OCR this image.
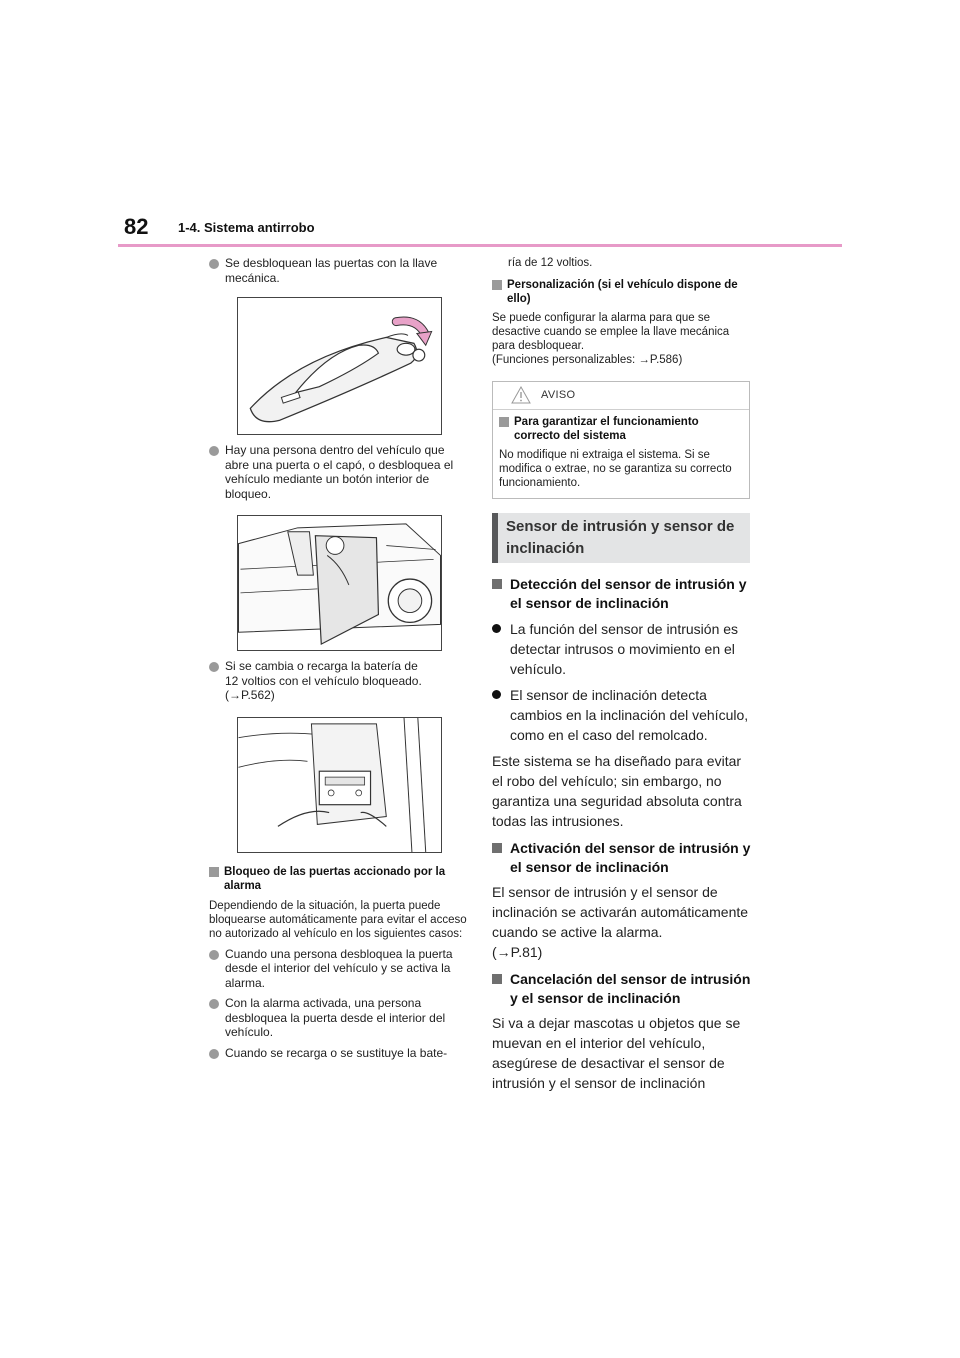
82 1-4. Sistema antirrobo
Se desbloquean las puertas con la llave mecánica.
Hay una persona dentro del vehículo que abre una puerta o el capó, o desbloquea el vehículo mediante un botón interior de bloqueo.
Si se cambia o recarga la batería de
12 voltios con el vehículo bloqueado.
(→P.562)
Bloqueo de las puertas accionado por la alarma

Dependiendo de la situación, la puerta puede bloquearse automáticamente para evitar el acceso no autorizado al vehículo en los siguientes casos:

Cuando una persona desbloquea la puerta desde el interior del vehículo y se activa la alarma.
Con la alarma activada, una persona desbloquea la puerta desde el interior del vehículo.
Cuando se recarga o se sustituye la bate-

ría de 12 voltios.

Personalización (si el vehículo dispone de ello)

Se puede configurar la alarma para que se desactive cuando se emplee la llave mecánica para desbloquear.

(Funciones personalizables: →P.586)

AVISO
Para garantizar el funcionamiento correcto del sistema

No modifique ni extraiga el sistema. Si se modifica o extrae, no se garantiza su correcto funcionamiento.

Sensor de intrusión y sensor de inclinación
Detección del sensor de intrusión y el sensor de inclinación
La función del sensor de intrusión es detectar intrusos o movimiento en el vehículo.
El sensor de inclinación detecta cambios en la inclinación del vehículo, como en el caso del remolcado.

Este sistema se ha diseñado para evitar el robo del vehículo; sin embargo, no garantiza una seguridad absoluta contra todas las intrusiones.

Activación del sensor de intrusión y el sensor de inclinación

El sensor de intrusión y el sensor de inclinación se activarán automáticamente cuando se active la alarma.

(→P.81)

Cancelación del sensor de intrusión y el sensor de inclinación

Si va a dejar mascotas u objetos que se muevan en el interior del vehículo, asegúrese de desactivar el sensor de intrusión y el sensor de inclinación
